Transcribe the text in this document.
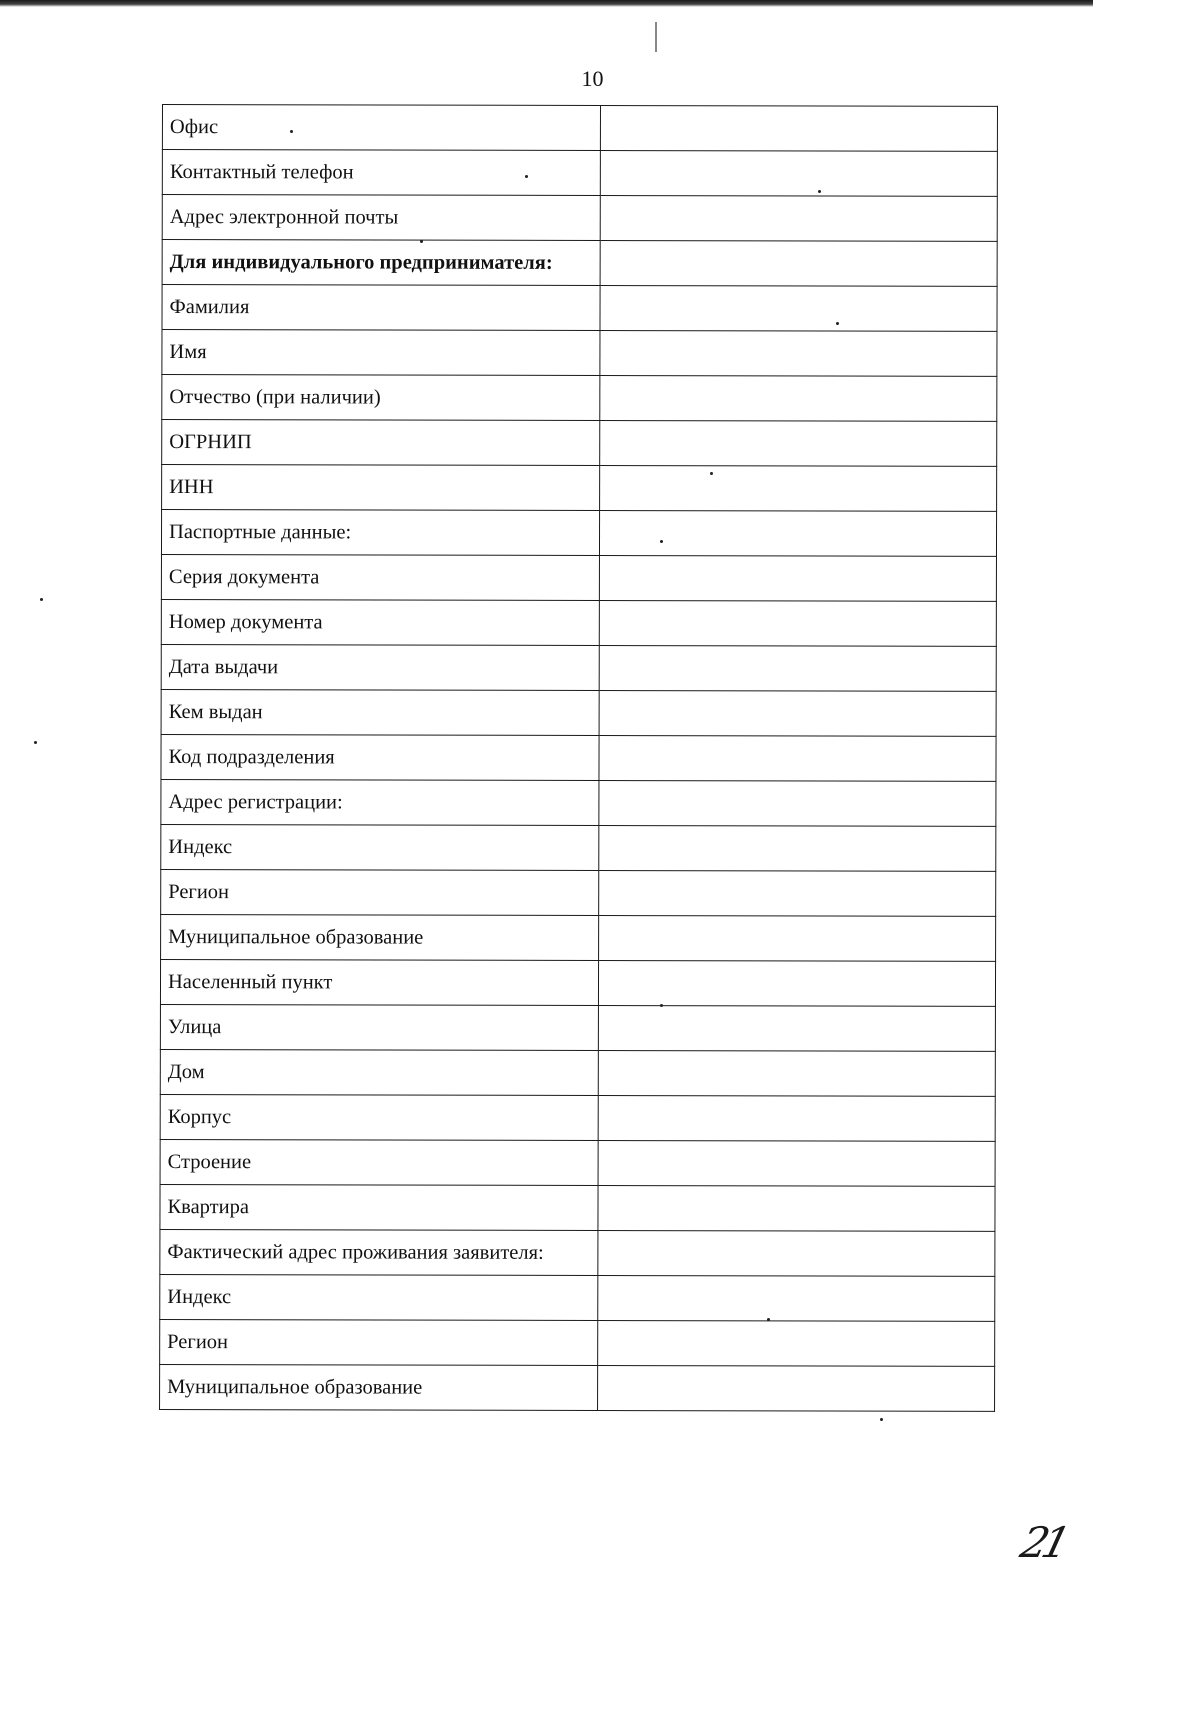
10
Офис	
Контактный телефон	
Адрес электронной почты	
Для индивидуального предпринимателя:	
Фамилия	
Имя	
Отчество (при наличии)	
ОГРНИП	
ИНН	
Паспортные данные:	
Серия документа	
Номер документа	
Дата выдачи	
Кем выдан	
Код подразделения	
Адрес регистрации:	
Индекс	
Регион	
Муниципальное образование	
Населенный пункт	
Улица	
Дом	
Корпус	
Строение	
Квартира	
Фактический адрес проживания заявителя:	
Индекс	
Регион	
Муниципальное образование	
21
